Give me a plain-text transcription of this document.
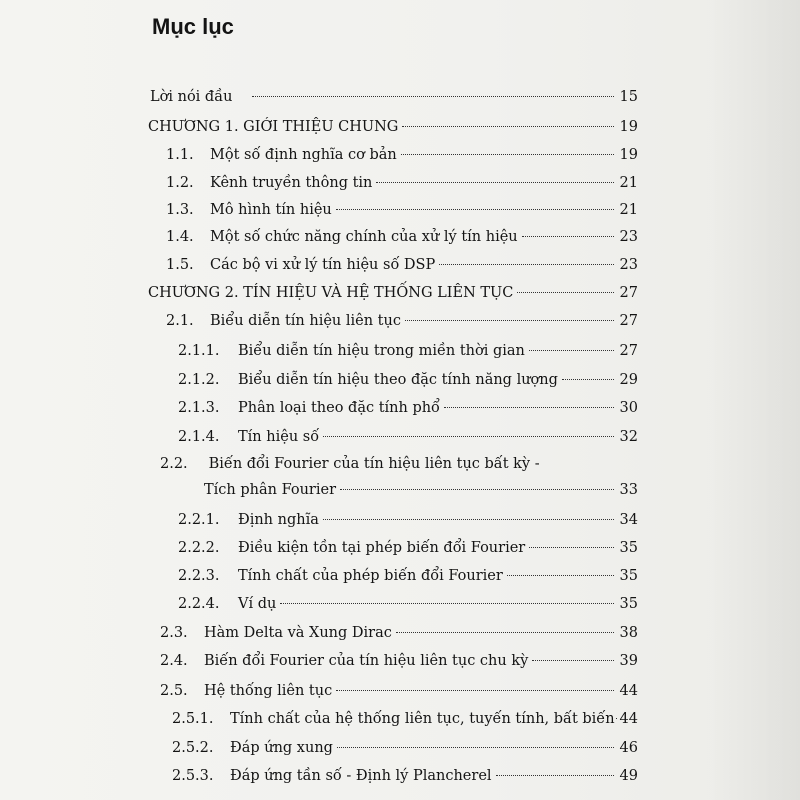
Mục lục
Lời nói đầu	15
CHƯƠNG 1. GIỚI THIỆU CHUNG	19
1.1.	Một số định nghĩa cơ bản	19
1.2.	Kênh truyền thông tin	21
1.3.	Mô hình tín hiệu	21
1.4.	Một số chức năng chính của xử lý tín hiệu	23
1.5.	Các bộ vi xử lý tín hiệu số DSP	23
CHƯƠNG 2. TÍN HIỆU VÀ HỆ THỐNG LIÊN TỤC	27
2.1.	Biểu diễn tín hiệu liên tục	27
2.1.1.	Biểu diễn tín hiệu trong miền thời gian	27
2.1.2.	Biểu diễn tín hiệu theo đặc tính năng lượng	29
2.1.3.	Phân loại theo đặc tính phổ	30
2.1.4.	Tín hiệu số	32
2.2. Biến đổi Fourier của tín hiệu liên tục bất kỳ -
Tích phân Fourier	33
2.2.1.	Định nghĩa	34
2.2.2.	Điều kiện tồn tại phép biến đổi Fourier	35
2.2.3.	Tính chất của phép biến đổi Fourier	35
2.2.4.	Ví dụ	35
2.3.	Hàm Delta và Xung Dirac	38
2.4.	Biến đổi Fourier của tín hiệu liên tục chu kỳ	39
2.5.	Hệ thống liên tục	44
2.5.1.	Tính chất của hệ thống liên tục, tuyến tính, bất biến 44
2.5.2.	Đáp ứng xung	46
2.5.3.	Đáp ứng tần số - Định lý Plancherel	49
